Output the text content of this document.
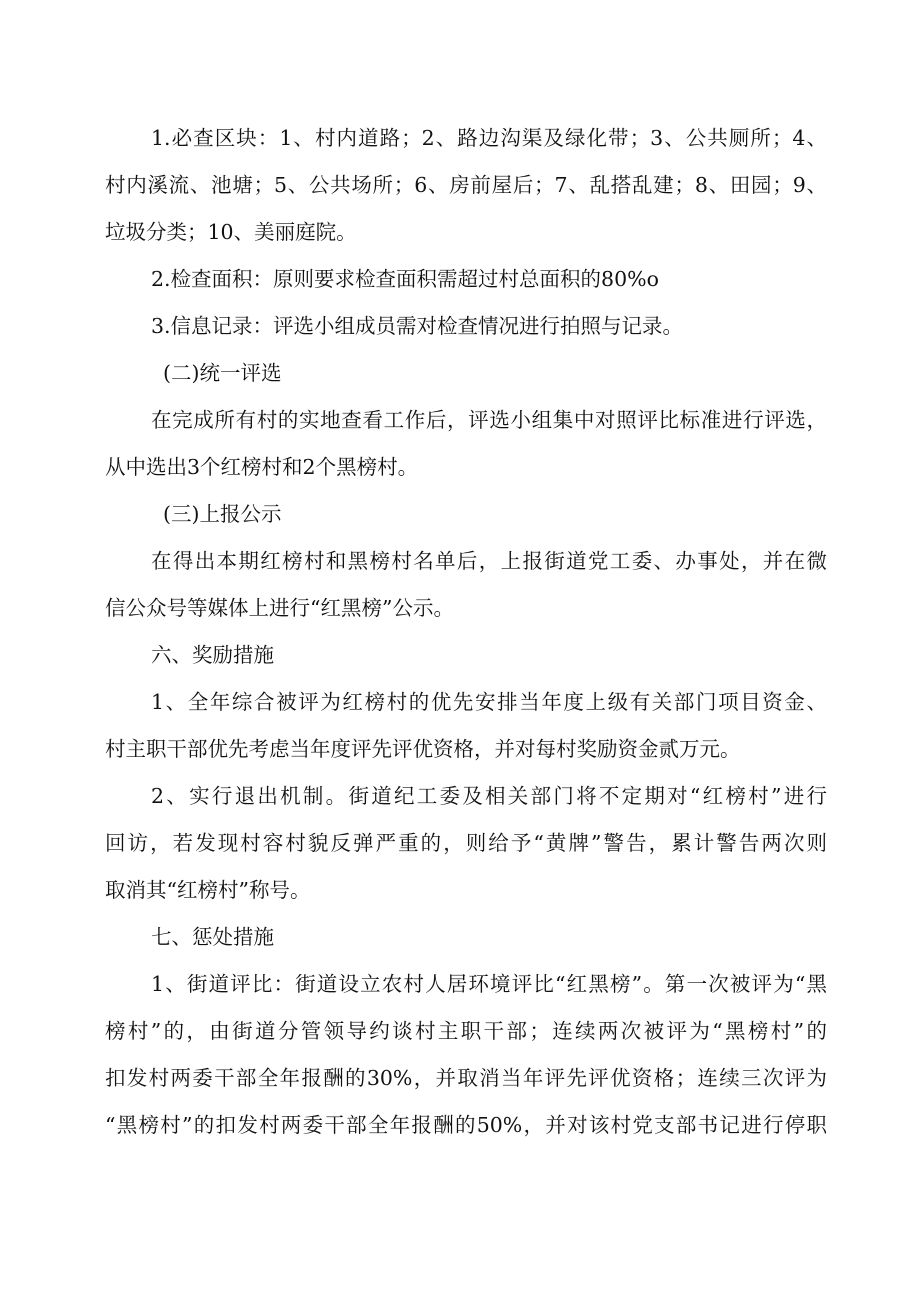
1.必查区块：1、村内道路；2、路边沟渠及绿化带；3、公共厕所；4、
村内溪流、池塘；5、公共场所；6、房前屋后；7、乱搭乱建；8、田园；9、
垃圾分类；10、美丽庭院。
2.检查面积：原则要求检查面积需超过村总面积的80%o
3.信息记录：评选小组成员需对检查情况进行拍照与记录。
(二)统一评选
在完成所有村的实地查看工作后，评选小组集中对照评比标准进行评选，
从中选出3个红榜村和2个黑榜村。
(三)上报公示
在得出本期红榜村和黑榜村名单后，上报街道党工委、办事处，并在微
信公众号等媒体上进行“红黑榜”公示。
六、奖励措施
1、全年综合被评为红榜村的优先安排当年度上级有关部门项目资金、
村主职干部优先考虑当年度评先评优资格，并对每村奖励资金贰万元。
2、实行退出机制。街道纪工委及相关部门将不定期对“红榜村”进行
回访，若发现村容村貌反弹严重的，则给予“黄牌”警告，累计警告两次则
取消其“红榜村”称号。
七、惩处措施
1、街道评比：街道设立农村人居环境评比“红黑榜”。第一次被评为“黑
榜村”的，由街道分管领导约谈村主职干部；连续两次被评为“黑榜村”的
扣发村两委干部全年报酬的30%，并取消当年评先评优资格；连续三次评为
“黑榜村”的扣发村两委干部全年报酬的50%，并对该村党支部书记进行停职
